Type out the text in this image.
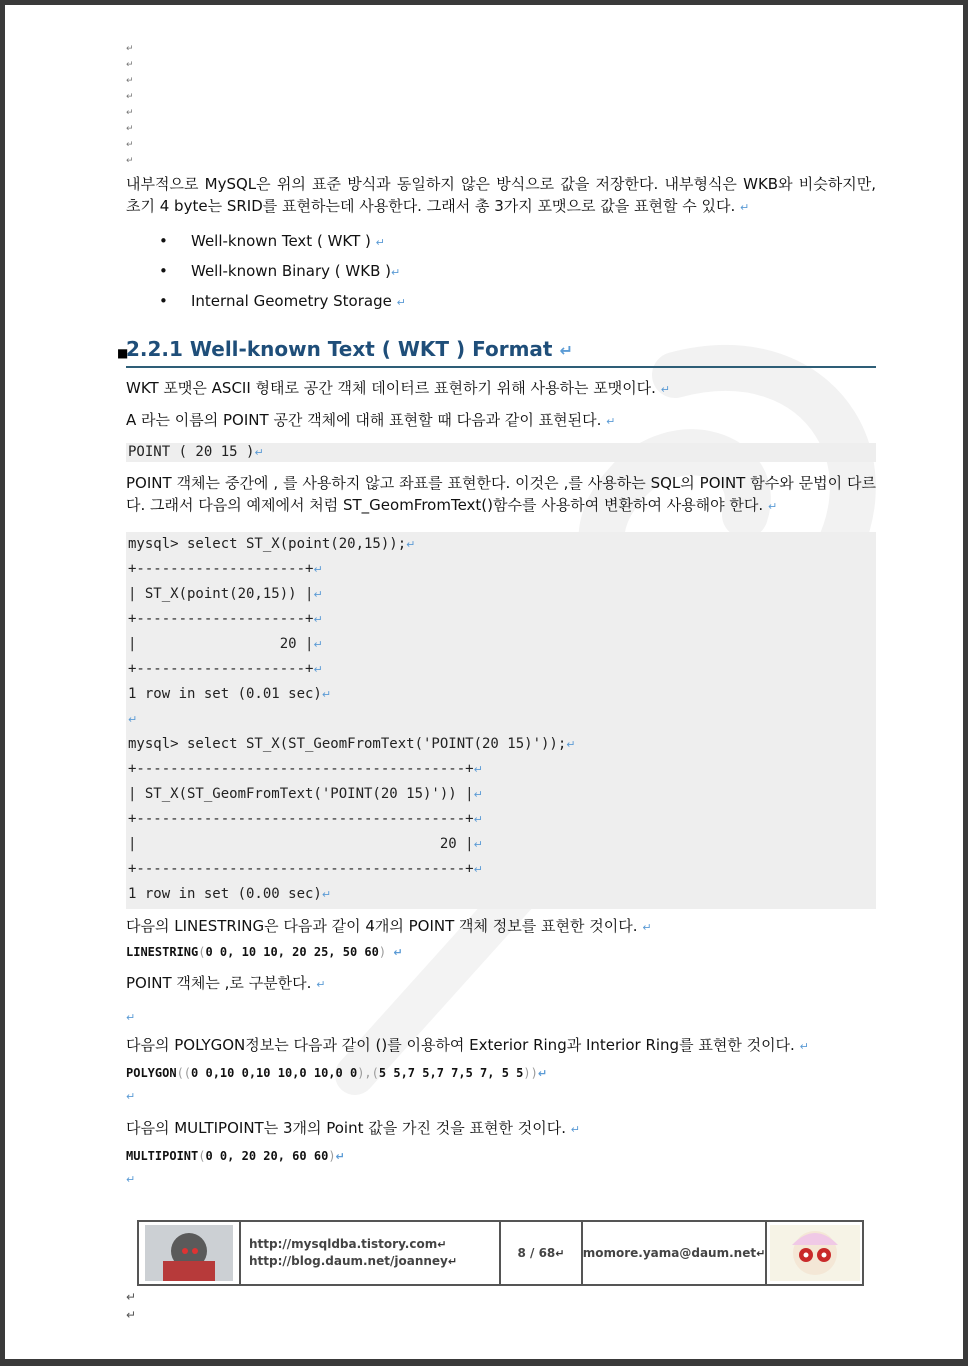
↵
↵
↵
↵
↵
↵
↵
↵

내부적으로 MySQL은 위의 표준 방식과 동일하지 않은 방식으로 값을 저장한다. 내부형식은 WKB와 비슷하지만, 초기 4 byte는 SRID를 표현하는데 사용한다. 그래서 총 3가지 포맷으로 값을 표현할 수 있다. ↵

• Well-known Text ( WKT ) ↵
• Well-known Binary ( WKB )↵
• Internal Geometry Storage ↵
■
2.2.1 Well-known Text ( WKT ) Format ↵

WKT 포맷은 ASCII 형태로 공간 객체 데이터르 표현하기 위해 사용하는 포맷이다. ↵

A 라는 이름의 POINT 공간 객체에 대해 표현할 때 다음과 같이 표현된다. ↵

POINT ( 20 15 )↵

POINT 객체는 중간에 , 를 사용하지 않고 좌표를 표현한다. 이것은 ,를 사용하는 SQL의 POINT 함수와 문법이 다르다. 그래서 다음의 예제에서 처럼 ST_GeomFromText()함수를 사용하여 변환하여 사용해야 한다. ↵

mysql> select ST_X(point(20,15));↵
+--------------------+↵
| ST_X(point(20,15)) |↵
+--------------------+↵
|                 20 |↵
+--------------------+↵
1 row in set (0.01 sec)↵
↵
mysql> select ST_X(ST_GeomFromText('POINT(20 15)'));↵
+---------------------------------------+↵
| ST_X(ST_GeomFromText('POINT(20 15)')) |↵
+---------------------------------------+↵
|                                    20 |↵
+---------------------------------------+↵
1 row in set (0.00 sec)↵

다음의 LINESTRING은 다음과 같이 4개의 POINT 객체 정보를 표현한 것이다. ↵

LINESTRING(0 0, 10 10, 20 25, 50 60) ↵

POINT 객체는 ,로 구분한다. ↵

↵

다음의 POLYGON정보는 다음과 같이 ()를 이용하여 Exterior Ring과 Interior Ring를 표현한 것이다. ↵

POLYGON((0 0,10 0,10 10,0 10,0 0),(5 5,7 5,7 7,5 7, 5 5))↵
↵

다음의 MULTIPOINT는 3개의 Point 값을 가진 것을 표현한 것이다. ↵

MULTIPOINT(0 0, 20 20, 60 60)↵
↵
http://mysqldba.tistory.com↵
http://blog.daum.net/joanney↵
8 / 68 ↵ momore.yama@daum.net ↵
↵
↵
